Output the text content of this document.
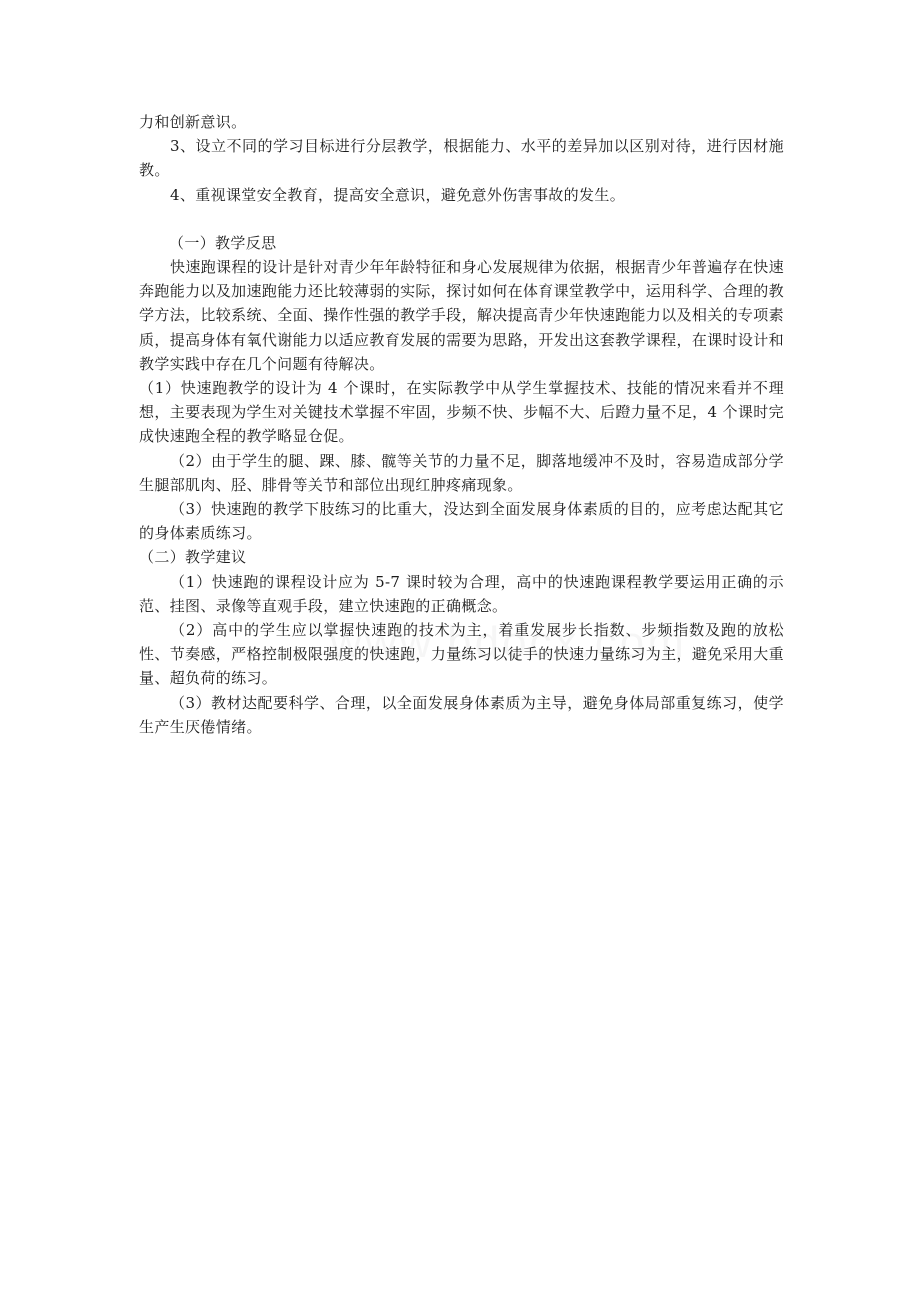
力和创新意识。

3、设立不同的学习目标进行分层教学，根据能力、水平的差异加以区别对待，进行因材施教。

4、重视课堂安全教育，提高安全意识，避免意外伤害事故的发生。

（一）教学反思

快速跑课程的设计是针对青少年年龄特征和身心发展规律为依据，根据青少年普遍存在快速奔跑能力以及加速跑能力还比较薄弱的实际，探讨如何在体育课堂教学中，运用科学、合理的教学方法，比较系统、全面、操作性强的教学手段，解决提高青少年快速跑能力以及相关的专项素质，提高身体有氧代谢能力以适应教育发展的需要为思路，开发出这套教学课程，在课时设计和教学实践中存在几个问题有待解决。

（1）快速跑教学的设计为 4 个课时，在实际教学中从学生掌握技术、技能的情况来看并不理想，主要表现为学生对关键技术掌握不牢固，步频不快、步幅不大、后蹬力量不足，4 个课时完成快速跑全程的教学略显仓促。

（2）由于学生的腿、踝、膝、髋等关节的力量不足，脚落地缓冲不及时，容易造成部分学生腿部肌肉、胫、腓骨等关节和部位出现红肿疼痛现象。

（3）快速跑的教学下肢练习的比重大，没达到全面发展身体素质的目的，应考虑达配其它的身体素质练习。

（二）教学建议

（1）快速跑的课程设计应为 5-7 课时较为合理，高中的快速跑课程教学要运用正确的示范、挂图、录像等直观手段，建立快速跑的正确概念。

（2）高中的学生应以掌握快速跑的技术为主，着重发展步长指数、步频指数及跑的放松性、节奏感，严格控制极限强度的快速跑，力量练习以徒手的快速力量练习为主，避免采用大重量、超负荷的练习。

（3）教材达配要科学、合理，以全面发展身体素质为主导，避免身体局部重复练习，使学生产生厌倦情绪。
